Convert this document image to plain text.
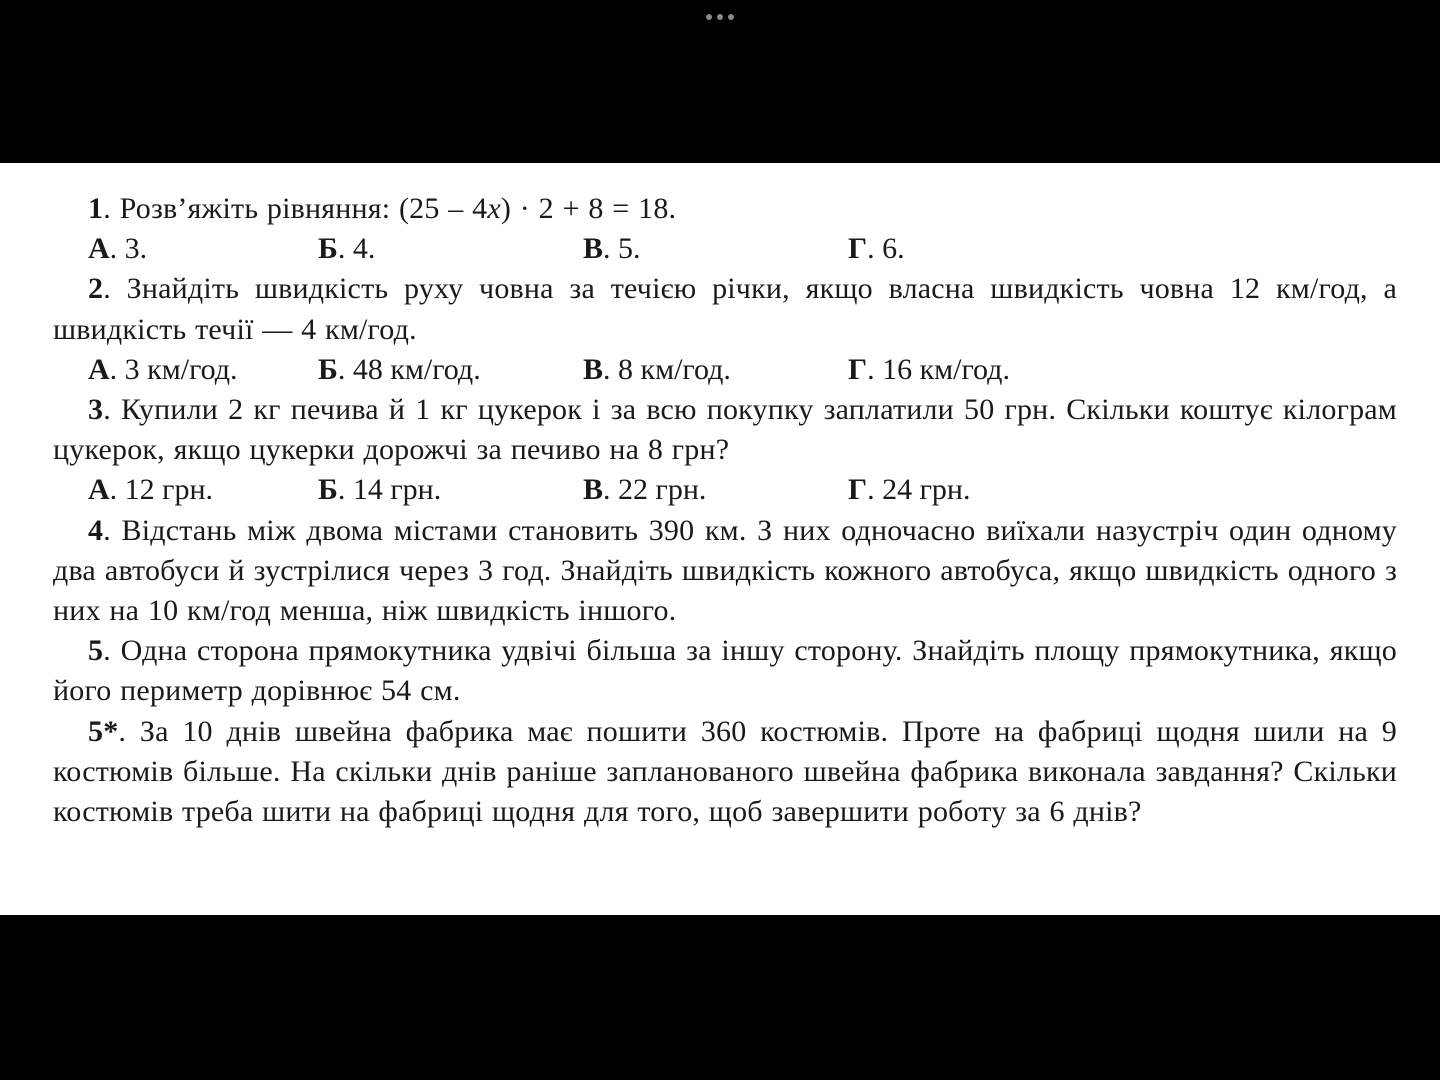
1. Розв’яжіть рівняння: (25 – 4x) · 2 + 8 = 18.

А. 3.	Б. 4.	В. 5.	Г. 6.

2. Знайдіть швидкість руху човна за течією річки, якщо власна швидкість човна 12 км/год, а швидкість течії — 4 км/год.

А. 3 км/год.	Б. 48 км/год.	В. 8 км/год.	Г. 16 км/год.

3. Купили 2 кг печива й 1 кг цукерок і за всю покупку заплатили 50 грн. Скільки коштує кілограм цукерок, якщо цукерки дорожчі за печиво на 8 грн?

А. 12 грн.	Б. 14 грн.	В. 22 грн.	Г. 24 грн.

4. Відстань між двома містами становить 390 км. З них одночасно виїхали назустріч один одному два автобуси й зустрілися через 3 год. Знайдіть швидкість кожного автобуса, якщо швидкість одного з них на 10 км/год менша, ніж швидкість іншого.

5. Одна сторона прямокутника удвічі більша за іншу сторону. Знайдіть площу прямокутника, якщо його периметр дорівнює 54 см.

5*. За 10 днів швейна фабрика має пошити 360 костюмів. Проте на фабриці щодня шили на 9 костюмів більше. На скільки днів раніше запланованого швейна фабрика виконала завдання? Скільки костюмів треба шити на фабриці щодня для того, щоб завершити роботу за 6 днів?
